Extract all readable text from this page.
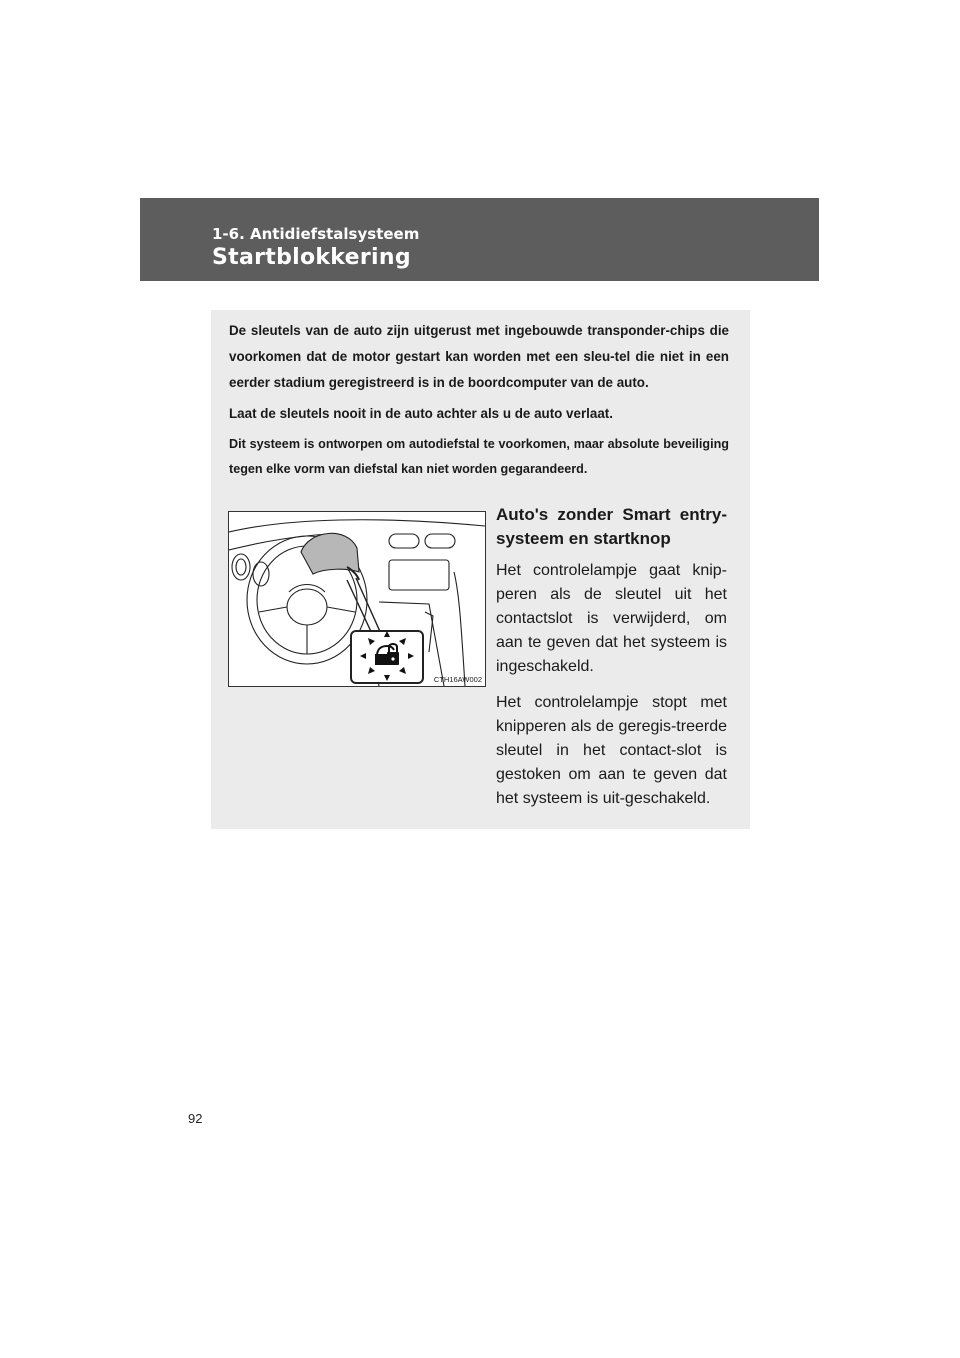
1-6. Antidiefstalsysteem

Startblokkering

De sleutels van de auto zijn uitgerust met ingebouwde transponder-chips die voorkomen dat de motor gestart kan worden met een sleu-tel die niet in een eerder stadium geregistreerd is in de boordcomputer van de auto.

Laat de sleutels nooit in de auto achter als u de auto verlaat.

Dit systeem is ontworpen om autodiefstal te voorkomen, maar absolute beveiliging tegen elke vorm van diefstal kan niet worden gegarandeerd.

CTH16AW002
Auto's zonder Smart entry-systeem en startknop

Het controlelampje gaat knip-peren als de sleutel uit het contactslot is verwijderd, om aan te geven dat het systeem is ingeschakeld.

Het controlelampje stopt met knipperen als de geregis-treerde sleutel in het contact-slot is gestoken om aan te geven dat het systeem is uit-geschakeld.

92
